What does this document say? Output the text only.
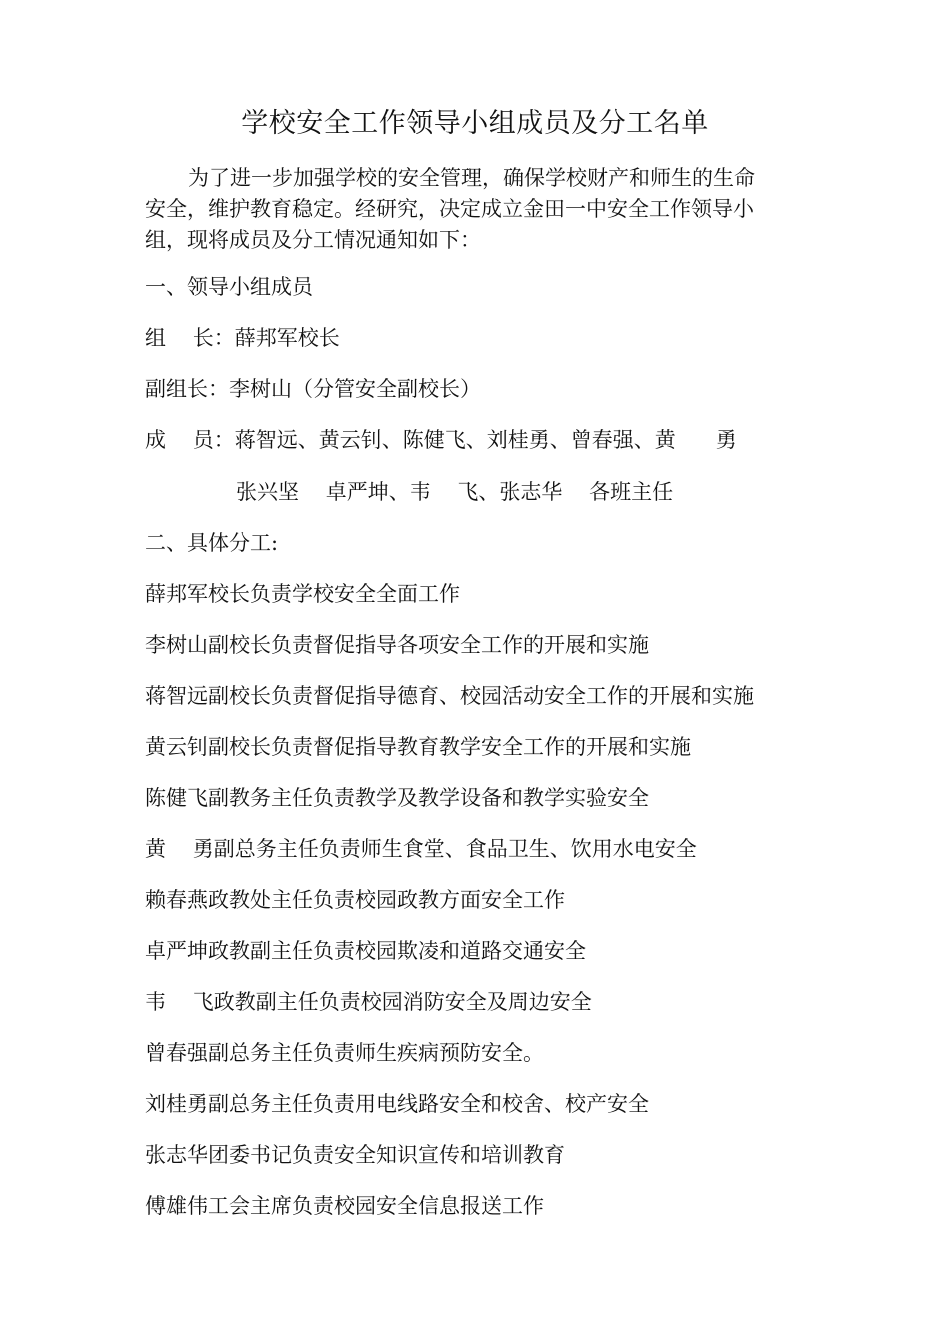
学校安全工作领导小组成员及分工名单

为了进一步加强学校的安全管理，确保学校财产和师生的生命
安全，维护教育稳定。经研究，决定成立金田一中安全工作领导小
组，现将成员及分工情况通知如下：

一、领导小组成员

组    长：薛邦军校长

副组长：李树山（分管安全副校长）

成    员：蒋智远、黄云钊、陈健飞、刘桂勇、曾春强、黄      勇

张兴坚    卓严坤、韦    飞、张志华    各班主任

二、具体分工:

薛邦军校长负责学校安全全面工作

李树山副校长负责督促指导各项安全工作的开展和实施

蒋智远副校长负责督促指导德育、校园活动安全工作的开展和实施

黄云钊副校长负责督促指导教育教学安全工作的开展和实施

陈健飞副教务主任负责教学及教学设备和教学实验安全

黄    勇副总务主任负责师生食堂、食品卫生、饮用水电安全

赖春燕政教处主任负责校园政教方面安全工作

卓严坤政教副主任负责校园欺凌和道路交通安全

韦    飞政教副主任负责校园消防安全及周边安全

曾春强副总务主任负责师生疾病预防安全。

刘桂勇副总务主任负责用电线路安全和校舍、校产安全

张志华团委书记负责安全知识宣传和培训教育

傅雄伟工会主席负责校园安全信息报送工作
